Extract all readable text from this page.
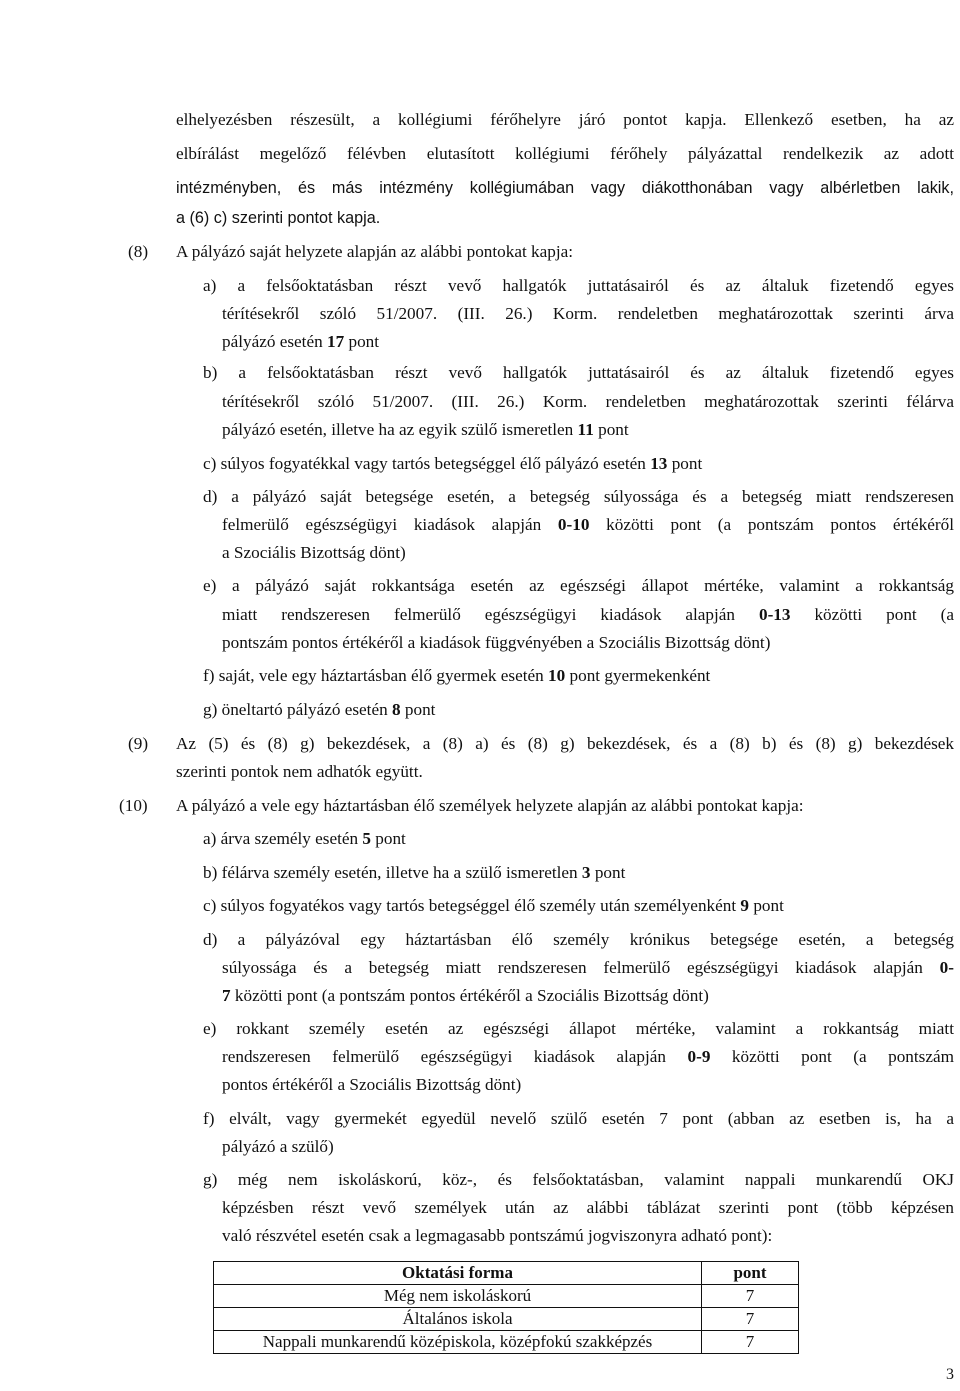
elhelyezésben részesült, a kollégiumi férőhelyre járó pontot kapja. Ellenkező esetben, ha az
elbírálást megelőző félévben elutasított kollégiumi férőhely pályázattal rendelkezik az adott
intézményben, és más intézmény kollégiumában vagy diákotthonában vagy albérletben lakik,
a (6) c) szerinti pontot kapja.
(8) A pályázó saját helyzete alapján az alábbi pontokat kapja:
a) a felsőoktatásban részt vevő hallgatók juttatásairól és az általuk fizetendő egyes
térítésekről szóló 51/2007. (III. 26.) Korm. rendeletben meghatározottak szerinti árva
pályázó esetén 17 pont
b) a felsőoktatásban részt vevő hallgatók juttatásairól és az általuk fizetendő egyes
térítésekről szóló 51/2007. (III. 26.) Korm. rendeletben meghatározottak szerinti félárva
pályázó esetén, illetve ha az egyik szülő ismeretlen 11 pont
c) súlyos fogyatékkal vagy tartós betegséggel élő pályázó esetén 13 pont
d) a pályázó saját betegsége esetén, a betegség súlyossága és a betegség miatt rendszeresen
felmerülő egészségügyi kiadások alapján 0-10 közötti pont (a pontszám pontos értékéről
a Szociális Bizottság dönt)
e) a pályázó saját rokkantsága esetén az egészségi állapot mértéke, valamint a rokkantság
miatt rendszeresen felmerülő egészségügyi kiadások alapján 0-13 közötti pont (a
pontszám pontos értékéről a kiadások függvényében a Szociális Bizottság dönt)
f) saját, vele egy háztartásban élő gyermek esetén 10 pont gyermekenként
g) öneltartó pályázó esetén 8 pont
(9) Az (5) és (8) g) bekezdések, a (8) a) és (8) g) bekezdések, és a (8) b) és (8) g) bekezdések
szerinti pontok nem adhatók együtt.
(10) A pályázó a vele egy háztartásban élő személyek helyzete alapján az alábbi pontokat kapja:
a) árva személy esetén 5 pont
b) félárva személy esetén, illetve ha a szülő ismeretlen 3 pont
c) súlyos fogyatékos vagy tartós betegséggel élő személy után személyenként 9 pont
d) a pályázóval egy háztartásban élő személy krónikus betegsége esetén, a betegség
súlyossága és a betegség miatt rendszeresen felmerülő egészségügyi kiadások alapján 0-
7 közötti pont (a pontszám pontos értékéről a Szociális Bizottság dönt)
e) rokkant személy esetén az egészségi állapot mértéke, valamint a rokkantság miatt
rendszeresen felmerülő egészségügyi kiadások alapján 0-9 közötti pont (a pontszám
pontos értékéről a Szociális Bizottság dönt)
f) elvált, vagy gyermekét egyedül nevelő szülő esetén 7 pont (abban az esetben is, ha a
pályázó a szülő)
g) még nem iskoláskorú, köz-, és felsőoktatásban, valamint nappali munkarendű OKJ
képzésben részt vevő személyek után az alábbi táblázat szerinti pont (több képzésen
való részvétel esetén csak a legmagasabb pontszámú jogviszonyra adható pont):
Oktatási forma	pont
Még nem iskoláskorú	7
Általános iskola	7
Nappali munkarendű középiskola, középfokú szakképzés	7
3
